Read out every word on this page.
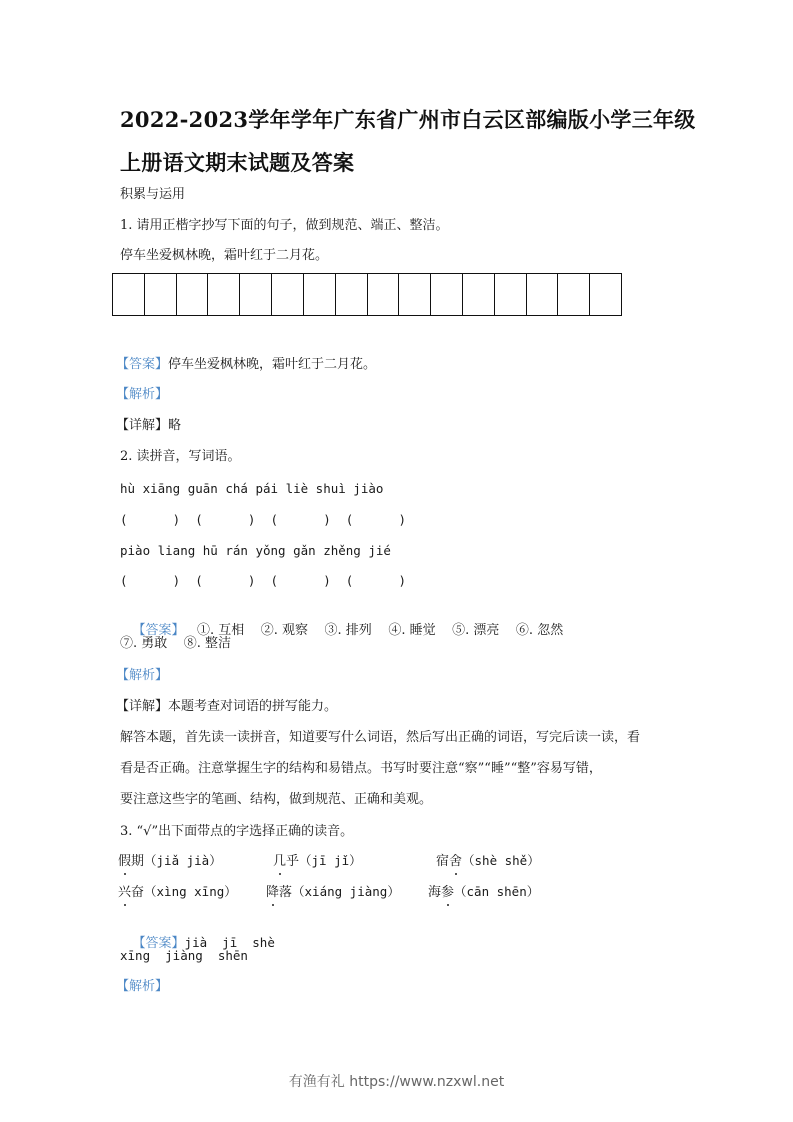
2022-2023学年学年广东省广州市白云区部编版小学三年级
上册语文期末试题及答案
积累与运用
1. 请用正楷字抄写下面的句子，做到规范、端正、整洁。
停车坐爱枫林晚，霜叶红于二月花。
【答案】停车坐爱枫林晚，霜叶红于二月花。
【解析】
【详解】略
2. 读拼音，写词语。
hù xiāng guān chá pái liè shuì jiào
(      )  (      )  (      )  (      )
piào liang hū rán yǒng gǎn zhěng jié
(      )  (      )  (      )  (      )

【答案】 ①. 互相    ②. 观察    ③. 排列    ④. 睡觉    ⑤. 漂亮    ⑥. 忽然

⑦. 勇敢    ⑧. 整洁
【解析】
【详解】本题考查对词语的拼写能力。
解答本题，首先读一读拼音，知道要写什么词语，然后写出正确的词语，写完后读一读，看
看是否正确。注意掌握生字的结构和易错点。书写时要注意“察”“睡”“整”容易写错，
要注意这些字的笔画、结构，做到规范、正确和美观。
3. “√”出下面带点的字选择正确的读音。
假期（jiǎ jià）	几乎（jī jǐ）	宿舍（shè shě）
兴奋（xìng xīng） 降落（xiáng jiàng） 海参（cān shēn）

【答案】jià  jī  shè

xīng  jiàng  shēn
【解析】
有渔有礼 https://www.nzxwl.net
